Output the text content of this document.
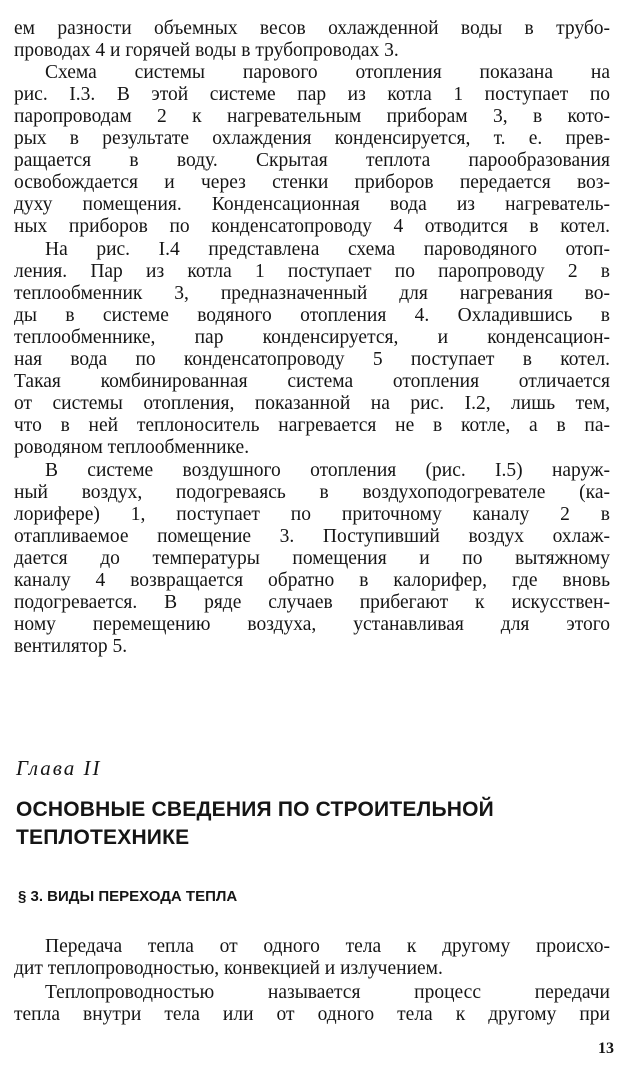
ем разности объемных весов охлажденной воды в трубо-
проводах 4 и горячей воды в трубопроводах 3.
Схема системы парового отопления показана на
рис. I.3. В этой системе пар из котла 1 поступает по
паропроводам 2 к нагревательным приборам 3, в кото-
рых в результате охлаждения конденсируется, т. е. прев-
ращается в воду. Скрытая теплота парообразования
освобождается и через стенки приборов передается воз-
духу помещения. Конденсационная вода из нагреватель-
ных приборов по конденсатопроводу 4 отводится в котел.
На рис. I.4 представлена схема пароводяного отоп-
ления. Пар из котла 1 поступает по паропроводу 2 в
теплообменник 3, предназначенный для нагревания во-
ды в системе водяного отопления 4. Охладившись в
теплообменнике, пар конденсируется, и конденсацион-
ная вода по конденсатопроводу 5 поступает в котел.
Такая комбинированная система отопления отличается
от системы отопления, показанной на рис. I.2, лишь тем,
что в ней теплоноситель нагревается не в котле, а в па-
роводяном теплообменнике.
В системе воздушного отопления (рис. I.5) наруж-
ный воздух, подогреваясь в воздухоподогревателе (ка-
лорифере) 1, поступает по приточному каналу 2 в
отапливаемое помещение 3. Поступивший воздух охлаж-
дается до температуры помещения и по вытяжному
каналу 4 возвращается обратно в калорифер, где вновь
подогревается. В ряде случаев прибегают к искусствен-
ному перемещению воздуха, устанавливая для этого
вентилятор 5.
Глава II
ОСНОВНЫЕ СВЕДЕНИЯ ПО СТРОИТЕЛЬНОЙ
ТЕПЛОТЕХНИКЕ
§ 3. ВИДЫ ПЕРЕХОДА ТЕПЛА
Передача тепла от одного тела к другому происхо-
дит теплопроводностью, конвекцией и излучением.
Теплопроводностью называется процесс передачи
тепла внутри тела или от одного тела к другому при
13
